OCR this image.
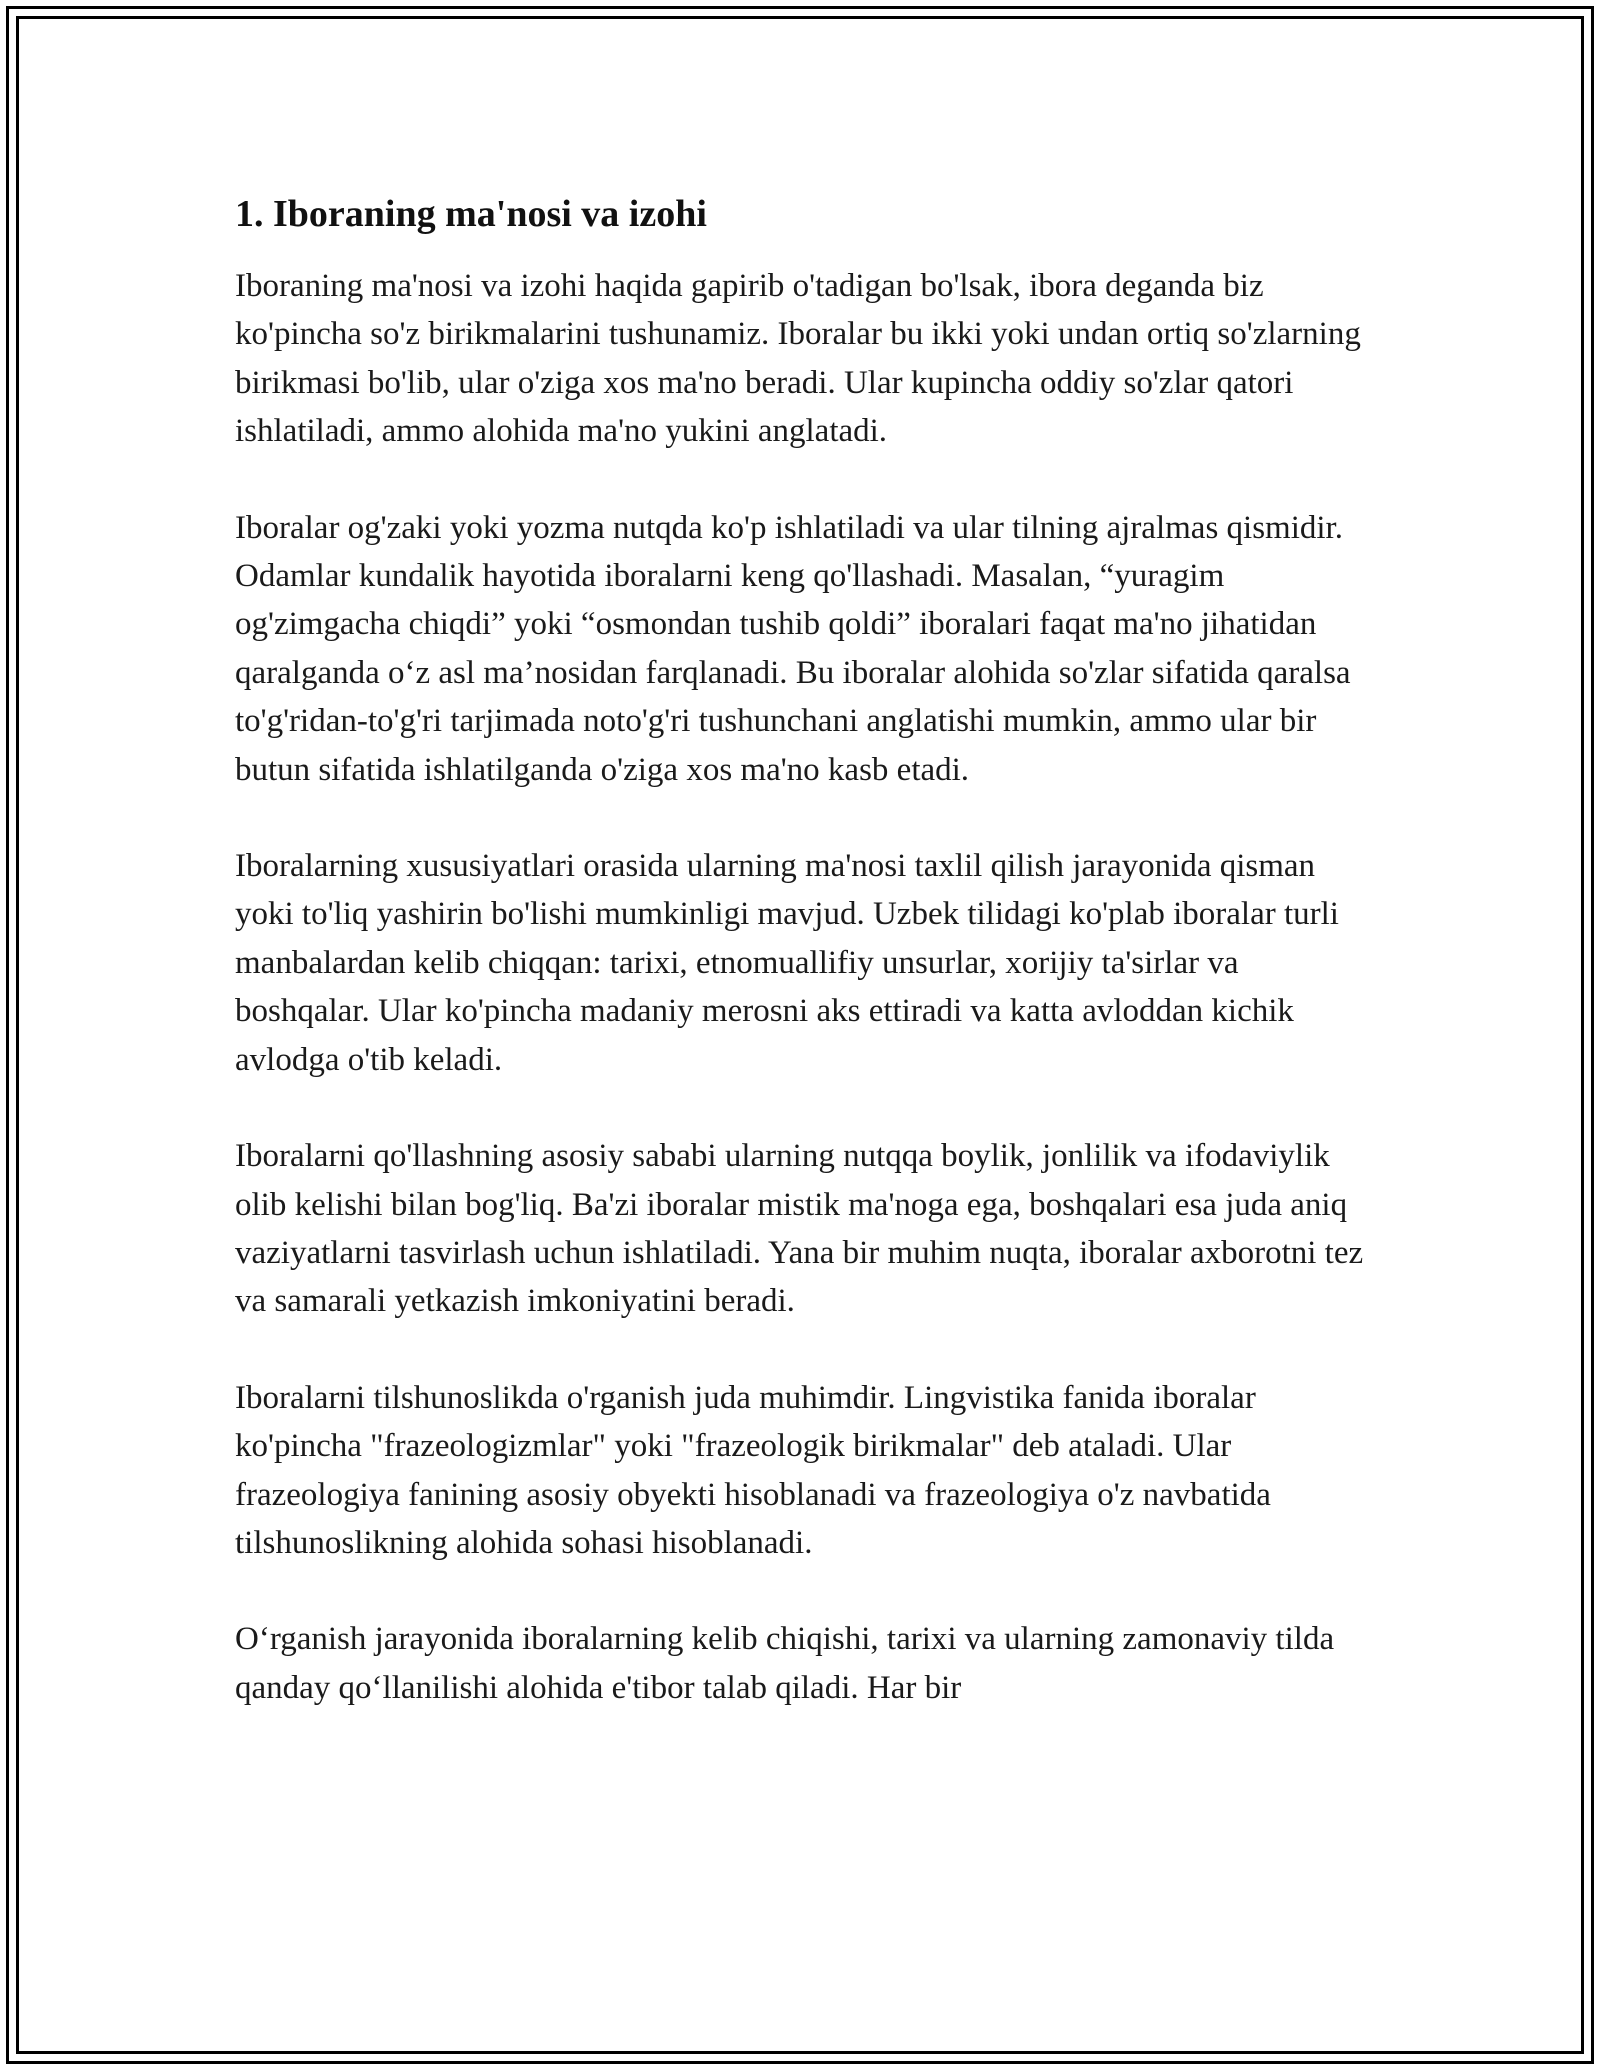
1. Iboraning ma'nosi va izohi

Iboraning ma'nosi va izohi haqida gapirib o'tadigan bo'lsak, ibora deganda biz ko'pincha so'z birikmalarini tushunamiz. Iboralar bu ikki yoki undan ortiq so'zlarning birikmasi bo'lib, ular o'ziga xos ma'no beradi. Ular kupincha oddiy so'zlar qatori ishlatiladi, ammo alohida ma'no yukini anglatadi.

Iboralar og'zaki yoki yozma nutqda ko'p ishlatiladi va ular tilning ajralmas qismidir. Odamlar kundalik hayotida iboralarni keng qo'llashadi. Masalan, “yuragim og'zimgacha chiqdi” yoki “osmondan tushib qoldi” iboralari faqat ma'no jihatidan qaralganda o‘z asl ma’nosidan farqlanadi. Bu iboralar alohida so'zlar sifatida qaralsa to'g'ridan-to'g'ri tarjimada noto'g'ri tushunchani anglatishi mumkin, ammo ular bir butun sifatida ishlatilganda o'ziga xos ma'no kasb etadi.

Iboralarning xususiyatlari orasida ularning ma'nosi taxlil qilish jarayonida qisman yoki to'liq yashirin bo'lishi mumkinligi mavjud. Uzbek tilidagi ko'plab iboralar turli manbalardan kelib chiqqan: tarixi, etnomuallifiy unsurlar, xorijiy ta'sirlar va boshqalar. Ular ko'pincha madaniy merosni aks ettiradi va katta avloddan kichik avlodga o'tib keladi.

Iboralarni qo'llashning asosiy sababi ularning nutqqa boylik, jonlilik va ifodaviylik olib kelishi bilan bog'liq. Ba'zi iboralar mistik ma'noga ega, boshqalari esa juda aniq vaziyatlarni tasvirlash uchun ishlatiladi. Yana bir muhim nuqta, iboralar axborotni tez va samarali yetkazish imkoniyatini beradi.

Iboralarni tilshunoslikda o'rganish juda muhimdir. Lingvistika fanida iboralar ko'pincha "frazeologizmlar" yoki "frazeologik birikmalar" deb ataladi. Ular frazeologiya fanining asosiy obyekti hisoblanadi va frazeologiya o'z navbatida tilshunoslikning alohida sohasi hisoblanadi.

O‘rganish jarayonida iboralarning kelib chiqishi, tarixi va ularning zamonaviy tilda qanday qo‘llanilishi alohida e'tibor talab qiladi. Har bir
